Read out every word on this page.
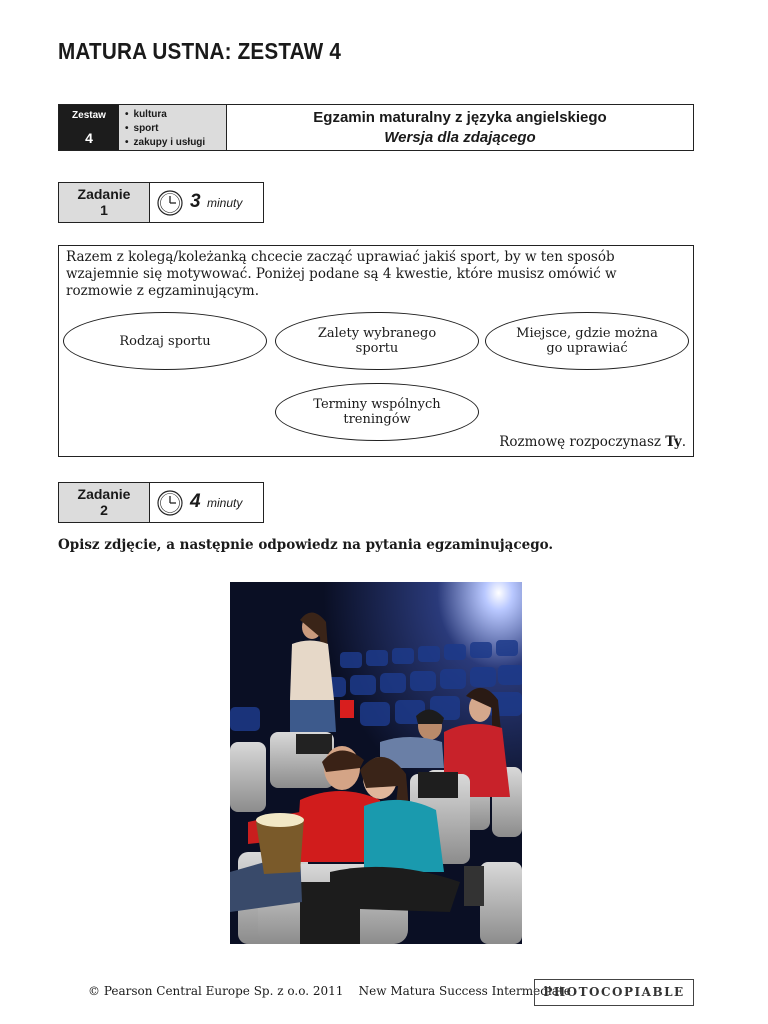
MATURA USTNA: ZESTAW 4
Zestaw
4
• kultura
• sport
• zakupy i usługi
Egzamin maturalny z języka angielskiego
Wersja dla zdającego
Zadanie
1	3 minuty
Razem z kolegą/koleżanką chcecie zacząć uprawiać jakiś sport, by w ten sposób wzajemnie się motywować. Poniżej podane są 4 kwestie, które musisz omówić w rozmowie z egzaminującym.
Rodzaj sportu	Zalety wybranego sportu
Miejsce, gdzie można go uprawiać
Terminy wspólnych treningów
Rozmowę rozpoczynasz Ty.
Zadanie
2	4 minuty
Opisz zdjęcie, a następnie odpowiedz na pytania egzaminującego.
© Pearson Central Europe Sp. z o.o. 2011    New Matura Success Intermediate
PHOTOCOPIABLE
